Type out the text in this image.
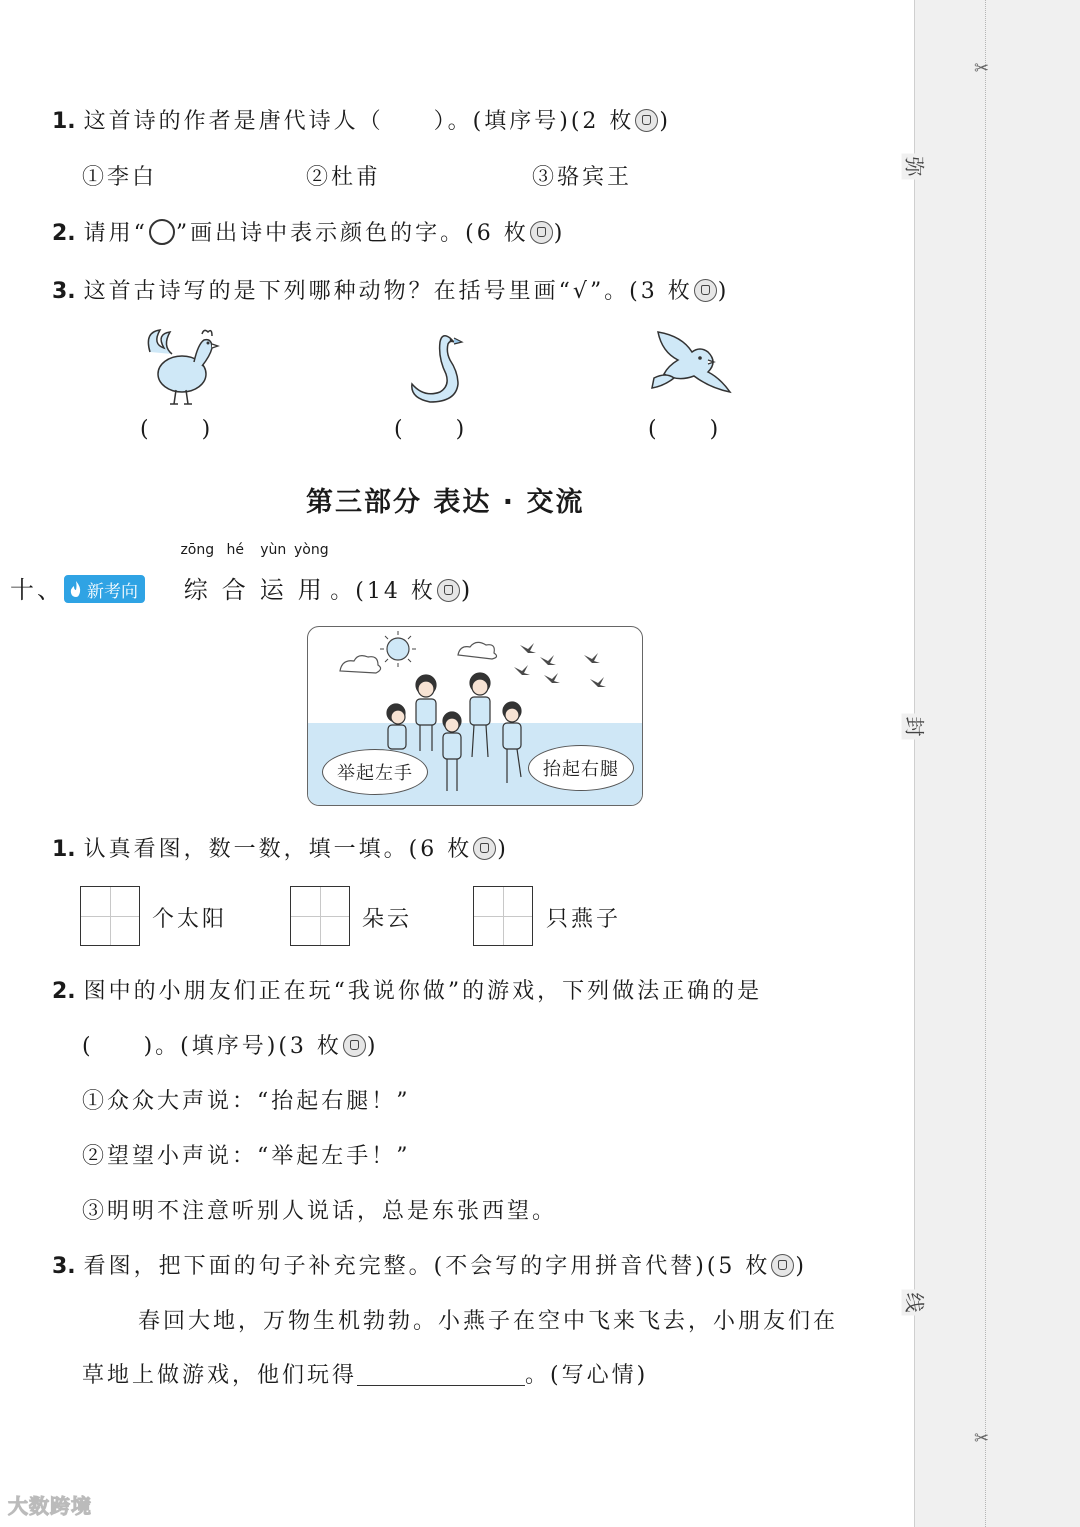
✂
✂
弥
封
线
1. 这首诗的作者是唐代诗人（　　）。(填序号)(2 枚 )
①李白	②杜甫	③骆宾王
2. 请用“ ”画出诗中表示颜色的字。(6 枚 )
3. 这首古诗写的是下列哪种动物？在括号里画“√”。(3 枚 )
(　　)	(　　)	(　　)
第三部分 表达 · 交流
十、 新考向

zōng
综
hé
合
yùn
运
yòng
用 。(14 枚 )
举起左手	抬起右腿
1. 认真看图，数一数，填一填。(6 枚 )
个太阳	朵云	只燕子
2. 图中的小朋友们正在玩“我说你做”的游戏，下列做法正确的是
(　　)。(填序号)(3 枚 )
①众众大声说：“抬起右腿！”
②望望小声说：“举起左手！”
③明明不注意听别人说话，总是东张西望。
3. 看图，把下面的句子补充完整。(不会写的字用拼音代替)(5 枚 )
春回大地，万物生机勃勃。小燕子在空中飞来飞去，小朋友们在
草地上做游戏，他们玩得	。(写心情)
大数跨境
